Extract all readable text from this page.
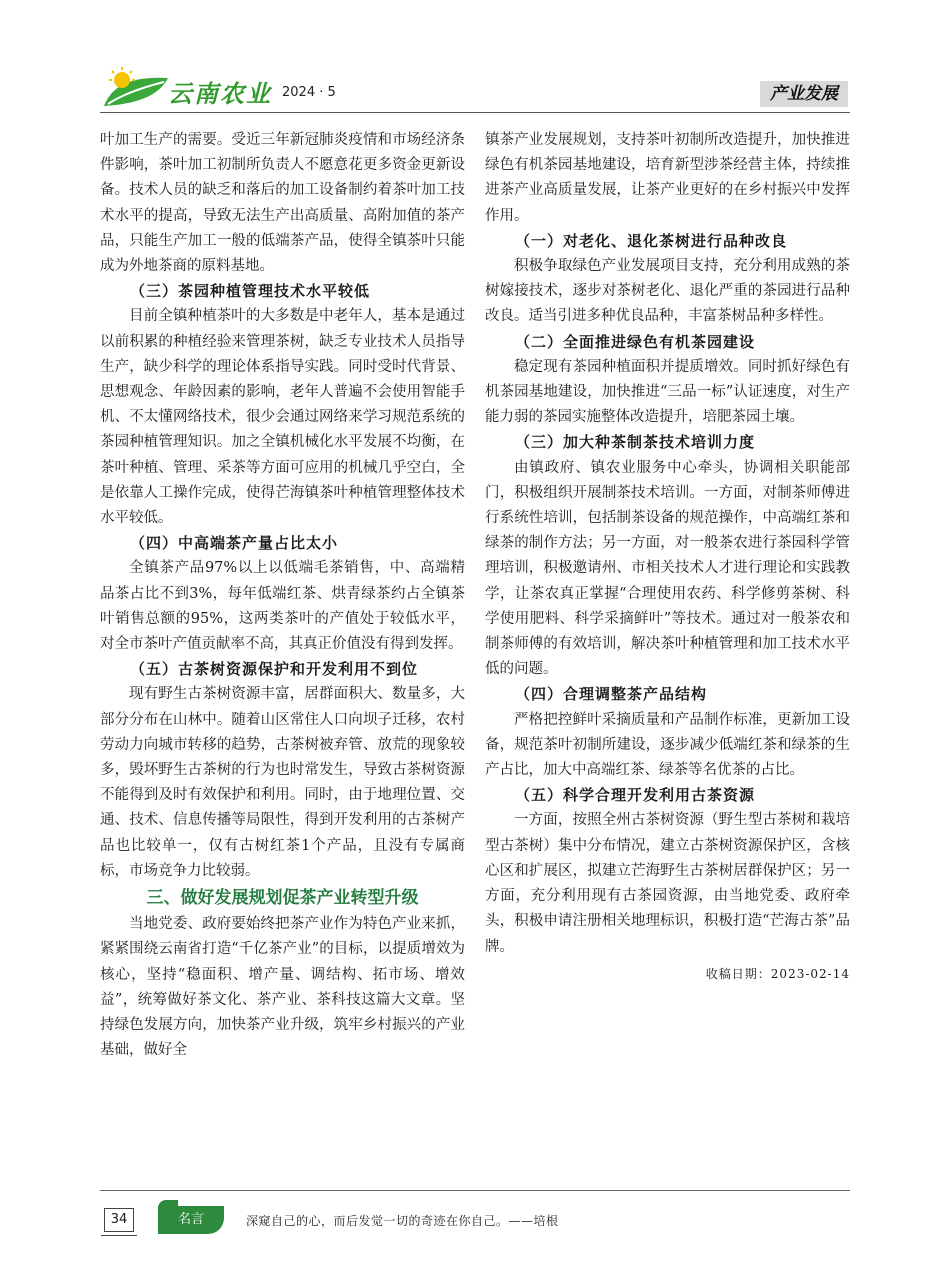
云南农业 2024 · 5	产业发展

叶加工生产的需要。受近三年新冠肺炎疫情和市场经济条件影响，茶叶加工初制所负责人不愿意花更多资金更新设备。技术人员的缺乏和落后的加工设备制约着茶叶加工技术水平的提高，导致无法生产出高质量、高附加值的茶产品，只能生产加工一般的低端茶产品，使得全镇茶叶只能成为外地茶商的原料基地。

（三）茶园种植管理技术水平较低

目前全镇种植茶叶的大多数是中老年人，基本是通过以前积累的种植经验来管理茶树，缺乏专业技术人员指导生产，缺少科学的理论体系指导实践。同时受时代背景、思想观念、年龄因素的影响，老年人普遍不会使用智能手机、不太懂网络技术，很少会通过网络来学习规范系统的茶园种植管理知识。加之全镇机械化水平发展不均衡，在茶叶种植、管理、采茶等方面可应用的机械几乎空白，全是依靠人工操作完成，使得芒海镇茶叶种植管理整体技术水平较低。

（四）中高端茶产量占比太小

全镇茶产品97%以上以低端毛茶销售，中、高端精品茶占比不到3%，每年低端红茶、烘青绿茶约占全镇茶叶销售总额的95%，这两类茶叶的产值处于较低水平，对全市茶叶产值贡献率不高，其真正价值没有得到发挥。

（五）古茶树资源保护和开发利用不到位

现有野生古茶树资源丰富，居群面积大、数量多，大部分分布在山林中。随着山区常住人口向坝子迁移，农村劳动力向城市转移的趋势，古茶树被弃管、放荒的现象较多，毁坏野生古茶树的行为也时常发生，导致古茶树资源不能得到及时有效保护和利用。同时，由于地理位置、交通、技术、信息传播等局限性，得到开发利用的古茶树产品也比较单一，仅有古树红茶1个产品，且没有专属商标，市场竞争力比较弱。

三、做好发展规划促茶产业转型升级

当地党委、政府要始终把茶产业作为特色产业来抓，紧紧围绕云南省打造“千亿茶产业”的目标，以提质增效为核心，坚持“稳面积、增产量、调结构、拓市场、增效益”，统筹做好茶文化、茶产业、茶科技这篇大文章。坚持绿色发展方向，加快茶产业升级，筑牢乡村振兴的产业基础，做好全

镇茶产业发展规划，支持茶叶初制所改造提升，加快推进绿色有机茶园基地建设，培育新型涉茶经营主体，持续推进茶产业高质量发展，让茶产业更好的在乡村振兴中发挥作用。

（一）对老化、退化茶树进行品种改良

积极争取绿色产业发展项目支持，充分利用成熟的茶树嫁接技术，逐步对茶树老化、退化严重的茶园进行品种改良。适当引进多种优良品种，丰富茶树品种多样性。

（二）全面推进绿色有机茶园建设

稳定现有茶园种植面积并提质增效。同时抓好绿色有机茶园基地建设，加快推进“三品一标”认证速度，对生产能力弱的茶园实施整体改造提升，培肥茶园土壤。

（三）加大种茶制茶技术培训力度

由镇政府、镇农业服务中心牵头，协调相关职能部门，积极组织开展制茶技术培训。一方面，对制茶师傅进行系统性培训，包括制茶设备的规范操作，中高端红茶和绿茶的制作方法；另一方面，对一般茶农进行茶园科学管理培训，积极邀请州、市相关技术人才进行理论和实践教学，让茶农真正掌握“合理使用农药、科学修剪茶树、科学使用肥料、科学采摘鲜叶”等技术。通过对一般茶农和制茶师傅的有效培训，解决茶叶种植管理和加工技术水平低的问题。

（四）合理调整茶产品结构

严格把控鲜叶采摘质量和产品制作标准，更新加工设备，规范茶叶初制所建设，逐步减少低端红茶和绿茶的生产占比，加大中高端红茶、绿茶等名优茶的占比。

（五）科学合理开发利用古茶资源

一方面，按照全州古茶树资源（野生型古茶树和栽培型古茶树）集中分布情况，建立古茶树资源保护区，含核心区和扩展区，拟建立芒海野生古茶树居群保护区；另一方面，充分利用现有古茶园资源，由当地党委、政府牵头，积极申请注册相关地理标识，积极打造“芒海古茶”品牌。

收稿日期：2023-02-14
34	名言	深窥自己的心，而后发觉一切的奇迹在你自己。——培根
